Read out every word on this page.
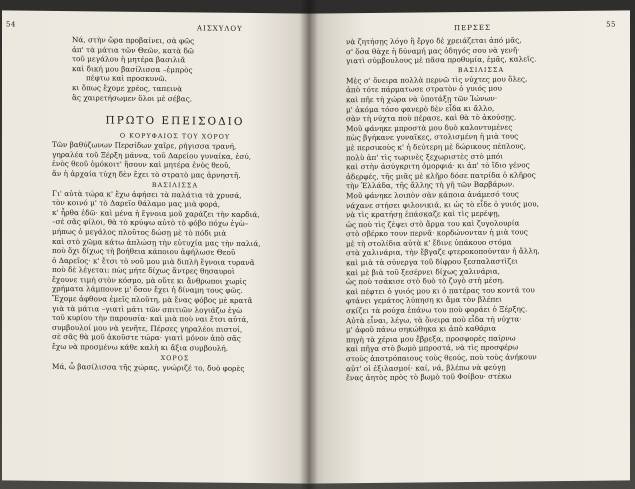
54	ΑΙΣΧΥΛΟΥ
Νά, στὴν ὥρα προβαίνει, σὰ φῶς
ἀπ' τὰ μάτια τῶν Θεῶν, κατὰ δῶ
τοῦ μεγάλου ἡ μητέρα βασιλιᾶ
καὶ δική μου βασίλισσα –ἐμπρὸς
πέφτω καὶ προσκυνῶ.
κι ὅπως ἔχομε χρέος, ταπεινὰ
ἂς χαιρετήσωμεν ὅλοι μὲ σέβας.
ΠΡΩΤΟ ΕΠΕΙΣΟΔΙΟ
Ο ΚΟΡΥΦΑΙΟΣ ΤΟΥ ΧΟΡΟΥ
Τῶν βαθύζωνων Περσίδων χαῖρε, ρήγισσα τρανή,
γηραλέα τοῦ Ξέρξη μάννα, τοῦ Δαρείου γυναίκα, ἐσύ,
ἐνὸς θεοῦ ὁμόκοιτ' ἤσουν καὶ μητέρα ἐνὸς θεοῦ,
ἄν ἡ ἀρχαία τύχη δὲν ἔχει τὸ στρατὸ μας ἀρνηστῆ.
ΒΑΣΙΛΙΣΣΑ
Γι' αὐτὰ τώρα κ' ἔχω ἀφήσει τὰ παλάτια τὰ χρυσά,
τὸν κοινό μ' τὸ Δαρεῖο θάλαμο μας μιὰ φορά,
κ' ἦρθα ἐδῶ· καὶ μένα ἡ ἔγνοια μοῦ χαράζει τὴν καρδιά,
–σὲ σᾶς φίλοι, θὰ τὸ κρύψω αὐτὸ τὸ φόβο πόχω ἐγὼ–
μήπως ὁ μεγάλος πλοῦτος δώσῃ μὲ τὸ πόδι μιὰ
καὶ στὸ χῶμα κάτω ἀπλώσῃ τὴν εὐτυχία μας τὴν παλιά,
ποὺ ὄχι δίχως τὴ βοήθεια κάποιου ἀφήλωσε Θεοῦ
ὁ Δαρεῖος· κ' ἔτσι τὸ νοῦ μου μιὰ διπλὴ ἔγνοια τυρανᾶ
ποὺ δὲ λέγεται: πὼς μήτε δίχως ἄντρες θησαυροὶ
ἔχουνε τιμὴ στὸν κόσμο, μὰ οὔτε κι ἄνθρωποι χωρὶς
χρήματα λάμπουνε μ' ὅσον ἔχει ἡ δίναμη τους φῶς.
Ἔχομε ἀφθονα ἐμεῖς πλοῦτη, μὰ ἔνας φόβος μὲ κρατᾶ
γιὰ τὰ μάτια –γιατὶ μάτι τῶν σπιτιῶν λογιάζω ἐγὼ
τοῦ κυρίου τὴν παρουσία· καὶ μιὰ ποὺ ναι ἔτσι αὐτά,
συμβουλοί μου νὰ γενῆτε, Πέρσες γηραλέοι πιστοί,
σὲ σᾶς θὰ μοῦ ἀκοῦστε τώρα· γιατὶ μόνον ἀπὸ σᾶς
ἔχω νὰ προσμένω κάθε καλὴ κι ἄξια συμβουλή.
ΧΟΡΟΣ
Μά, ὦ βασίλισσα τῆς χώρας, γνώριζέ το, δυὸ φορὲς
ΠΕΡΣΕΣ	55
νὰ ζητήσῃς λόγο ἢ ἔργο δὲ χρειάζεται ἀπό μᾶς,
σ' ὅσα θὰχε ἡ δύναμή μας ὁδηγός σου νὰ γενῆ·
γιατὶ σύμβουλους μὲ πᾶσα προθυμία, ἐμᾶς, καλεῖς.
ΒΑΣΙΛΙΣΣΑ
Μὲς σ' ὄνειρα πολλὰ περνῶ τὶς νύχτες μου ὅλες,
ἀπὸ τότε πάρματωσε στρατὸν ὁ γυιός μου
καὶ πῆε τὴ χώρα νὰ ὑποτάξῃ τῶν Ἰώνων·
μ' ἀκόμα τόσο φανερὸ δὲν εἶδα κι ἄλλο,
σὰν τὴ νύχτα ποὺ πέρασε, καὶ θὰ τὸ ἀκούσῃς.
Μοῦ φάνηκε μπροστὰ μου δυὸ καλοντυμένες
πὼς βγήκανε γυναῖκες, στολισμένη ἡ μιὰ τους
μὲ περσικοὺς κ' ἡ δεύτερη μὲ δώρικους πέπλους,
πολὺ ἀπ' τὶς τωρινὲς ξεχωριστὲς στὸ μπόι
καὶ στὴν ἀσύγκριτη ὀμορφιά· κι ἀπ' τὸ ἴδιο γένος
ἀδερφές, τῆς μιᾶς μὲ κλῆρο δόσε πατρίδα ὁ κλῆρος
τὴν Ἑλλάδα, τῆς ἄλλης τὴ γῆ τῶν Βαρβάρων.
Μοῦ φάνηκε λοιπὸν σὰν κάποια ἀνάμεσό τους
νάχανε στήσει φιλονικιά, κι ὡς τὸ εἶδε ὁ γυιός μου,
νὰ τὶς κρατήσῃ ἐπάσκαζε καὶ τὶς μερέψῃ,
ὡς ποὺ τὶς ζέψει στὸ ἅρμα του καὶ ζυγολουρία
στὸ σβέρκο τουν περνᾶ· κορδώνονταν ἡ μιὰ τους
μὲ τὴ στολίδια αὐτὰ κ' ἔδινε ὑπάκουο στόμα
στὰ χαλινάρια, τὴν ἔβγαζε φτεροκοπούνταν ἡ ἄλλη,
καὶ μιὰ τὰ σύνεργα τοῦ δίφρου ξεσπαλαστὶζει
καὶ μὲ βιὰ τοῦ ξεσέρνει δίχως χαλινάρια,
ὡς ποὺ τσάκισε στὸ δυὸ τὸ ζυγὸ στὴ μέση.
καὶ πέφτει ὁ γυιός μου κι ὁ πατέρας του κοντά του
φτάνει γεμάτος λύπηση κι ἅμα τὸν βλέπει
σκίζει τὰ ρούχα ἐπάνω του ποὺ φοράει ὁ Ξέρξης.
Αὐτὰ εἶναι, λέγω, τὰ ὄνειρα ποὺ εἶδα τὴ νύχτα·
μ' ἀφοῦ πάνω σηκώθηκα κι ἀπὸ καθάρια
πηγὴ τὰ χέρια μου ἔβρεξα, προσφορὲς παίρνω
καὶ πῆγα στὸ βωμὸ μπροστά, νὰ τὶς προσφέρω
στοὺς ἀποτρόπαιους τοὺς θεούς, ποὺ τοὺς ἀνήκουν
αὐτ' οἱ ἐξιλασμοί· καί, νά, βλέπω νὰ φεύγῃ
ἕνας ἀητὸς πρὸς τὸ βωμὸ τοῦ Φοίβου· στέκω
